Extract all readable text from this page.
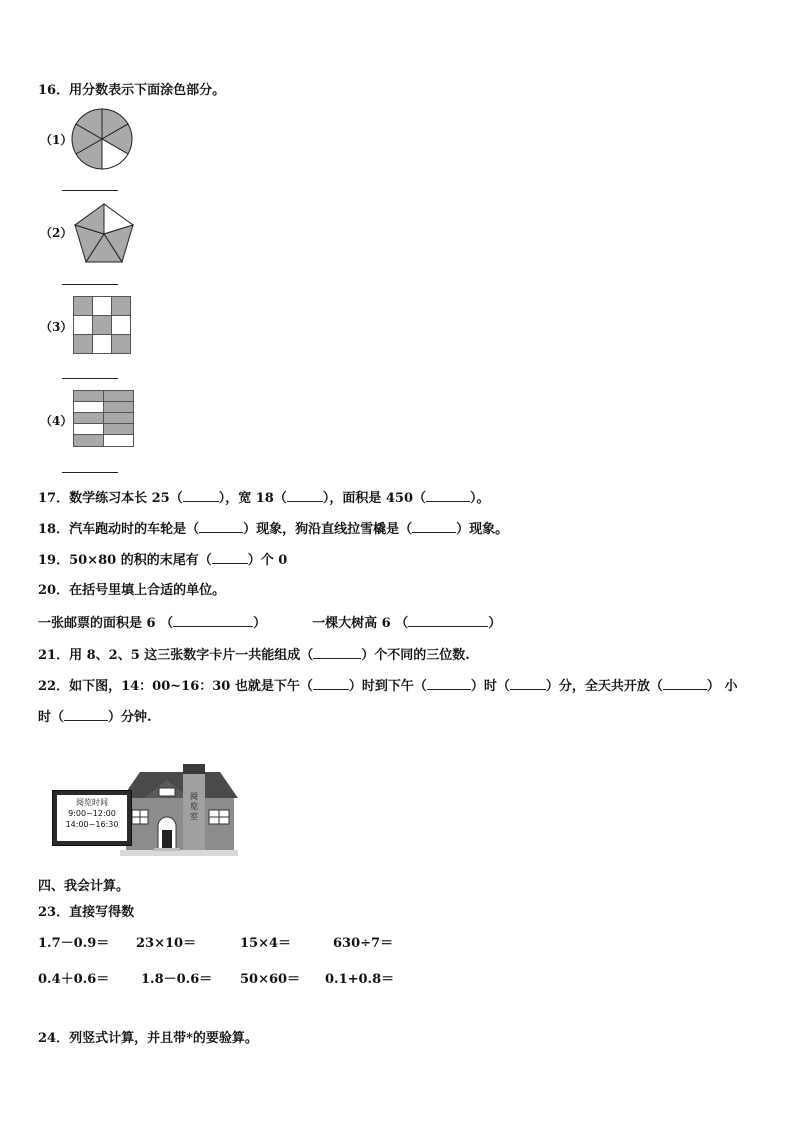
16．用分数表示下面涂色部分。
（1）
（2）
（3）
（4）
17．数学练习本长 25（	），宽 18（	），面积是 450（	）。
18．汽车跑动时的车轮是（	）现象，狗沿直线拉雪橇是（	）现象。
19．50×80 的积的末尾有（	）个 0
20．在括号里填上合适的单位。
一张邮票的面积是 6 （	）	一棵大树高 6 （	）
21．用 8、2、5 这三张数字卡片一共能组成（	）个不同的三位数.
22．如下图，14：00~16：30 也就是下午（	）时到下午（	）时（	）分，全天共开放（	） 小
时（	）分钟.
阅
览
室
阅览时间
9:00~12:00
14:00~16:30
四、我会计算。
23．直接写得数
1.7－0.9＝ 23×10＝	15×4＝	630÷7＝
0.4＋0.6＝ 1.8－0.6＝ 50×60＝ 0.1+0.8＝
24．列竖式计算，并且带*的要验算。
